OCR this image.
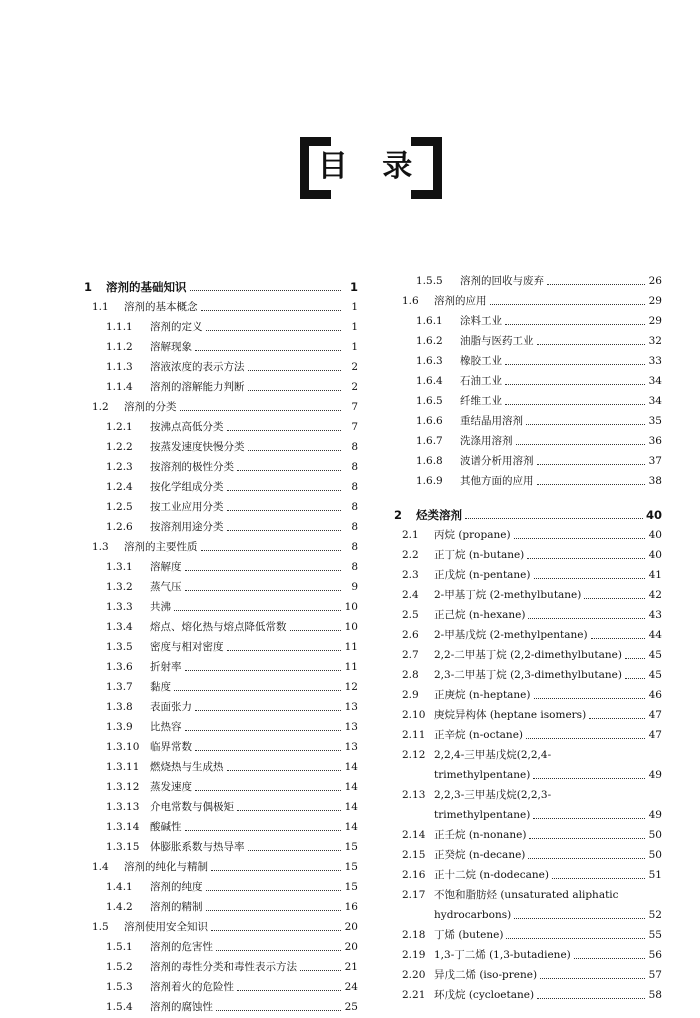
目 录
1	溶剂的基础知识	1
1.1	溶剂的基本概念	1
1.1.1	溶剂的定义	1
1.1.2	溶解现象	1
1.1.3	溶液浓度的表示方法	2
1.1.4	溶剂的溶解能力判断	2
1.2	溶剂的分类	7
1.2.1	按沸点高低分类	7
1.2.2	按蒸发速度快慢分类	8
1.2.3	按溶剂的极性分类	8
1.2.4	按化学组成分类	8
1.2.5	按工业应用分类	8
1.2.6	按溶剂用途分类	8
1.3	溶剂的主要性质	8
1.3.1	溶解度	8
1.3.2	蒸气压	9
1.3.3	共沸	10
1.3.4	熔点、熔化热与熔点降低常数	10
1.3.5	密度与相对密度	11
1.3.6	折射率	11
1.3.7	黏度	12
1.3.8	表面张力	13
1.3.9	比热容	13
1.3.10	临界常数	13
1.3.11	燃烧热与生成热	14
1.3.12	蒸发速度	14
1.3.13	介电常数与偶极矩	14
1.3.14	酸碱性	14
1.3.15	体膨胀系数与热导率	15
1.4	溶剂的纯化与精制	15
1.4.1	溶剂的纯度	15
1.4.2	溶剂的精制	16
1.5	溶剂使用安全知识	20
1.5.1	溶剂的危害性	20
1.5.2	溶剂的毒性分类和毒性表示方法	21
1.5.3	溶剂着火的危险性	24
1.5.4	溶剂的腐蚀性	25
1.5.5	溶剂的回收与废弃	26
1.6	溶剂的应用	29
1.6.1	涂料工业	29
1.6.2	油脂与医药工业	32
1.6.3	橡胶工业	33
1.6.4	石油工业	34
1.6.5	纤维工业	34
1.6.6	重结晶用溶剂	35
1.6.7	洗涤用溶剂	36
1.6.8	波谱分析用溶剂	37
1.6.9	其他方面的应用	38
2	烃类溶剂	40
2.1	丙烷 (propane)	40
2.2	正丁烷 (n-butane)	40
2.3	正戊烷 (n-pentane)	41
2.4	2-甲基丁烷 (2-methylbutane)	42
2.5	正己烷 (n-hexane)	43
2.6	2-甲基戊烷 (2-methylpentane)	44
2.7	2,2-二甲基丁烷 (2,2-dimethylbutane)	45
2.8	2,3-二甲基丁烷 (2,3-dimethylbutane)	45
2.9	正庚烷 (n-heptane)	46
2.10 庚烷异构体 (heptane isomers)	47
2.11 正辛烷 (n-octane)	47
2.12 2,2,4-三甲基戊烷(2,2,4-
trimethylpentane)	49
2.13 2,2,3-三甲基戊烷(2,2,3-
trimethylpentane)	49
2.14 正壬烷 (n-nonane)	50
2.15 正癸烷 (n-decane)	50
2.16 正十二烷 (n-dodecane)	51
2.17 不饱和脂肪烃 (unsaturated aliphatic
hydrocarbons)	52
2.18 丁烯 (butene)	55
2.19 1,3-丁二烯 (1,3-butadiene)	56
2.20 异戊二烯 (iso-prene)	57
2.21 环戊烷 (cycloetane)	58
